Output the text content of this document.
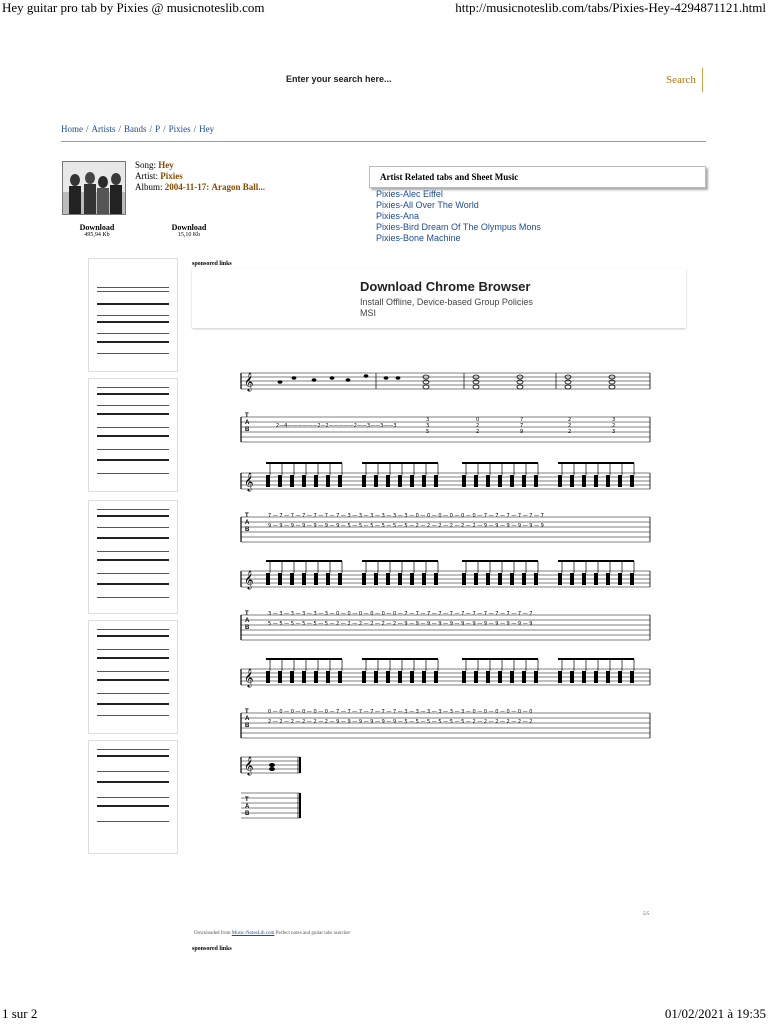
Hey guitar pro tab by Pixies @ musicnoteslib.com	http://musicnoteslib.com/tabs/Pixies-Hey-4294871121.html
Enter your search here...
Search
Home / Artists / Bands / P / Pixies / Hey
Song: Hey
Artist: Pixies
Album: 2004-11-17: Aragon Ball...
Download
495,94 Kb
Download
15,10 Kb
Artist Related tabs and Sheet Music
Pixies-Alec Eiffel
Pixies-All Over The World
Pixies-Ana
Pixies-Bird Dream Of The Olympus Mons
Pixies-Bone Machine
sponsored links
Download Chrome Browser
Install Offline, Device-based Group Policies MSI
2—4——————2—2—————2——3——3——3
3
3
5
0
2
2
7
7
9
2
2
2
3
2
3
7 — 7 — 7 — 7 — 7 — 7 — 7 — 3 — 3 — 3 — 3 — 3 — 3 — 0 — 0 — 0 — 0 — 0 — 0 — 7 — 7 — 7 — 7 — 7 — 7
9 — 9 — 9 — 9 — 9 — 9 — 9 — 5 — 5 — 5 — 5 — 5 — 5 — 2 — 2 — 2 — 2 — 2 — 2 — 9 — 9 — 9 — 9 — 9 — 9
3 — 3 — 3 — 3 — 3 — 3 — 0 — 0 — 0 — 0 — 0 — 0 — 7 — 7 — 7 — 7 — 7 — 7 — 7 — 7 — 7 — 7 — 7 — 7
5 — 5 — 5 — 5 — 5 — 5 — 2 — 2 — 2 — 2 — 2 — 2 — 9 — 9 — 9 — 9 — 9 — 9 — 9 — 9 — 9 — 9 — 9 — 9
0 — 0 — 0 — 0 — 0 — 0 — 7 — 7 — 7 — 7 — 7 — 7 — 3 — 3 — 3 — 3 — 3 — 3 — 0 — 0 — 0 — 0 — 0 — 0
2 — 2 — 2 — 2 — 2 — 2 — 9 — 9 — 9 — 9 — 9 — 9 — 5 — 5 — 5 — 5 — 5 — 5 — 2 — 2 — 2 — 2 — 2 — 2
𝄞
T
A
B
T
A
B
T
A
B
T
A
B
T
A
B
5/5
Downloaded from Music-NotesLib.com Perfect notes and guitar tabs searcher
sponsored links
1 sur 2	01/02/2021 à 19:35
